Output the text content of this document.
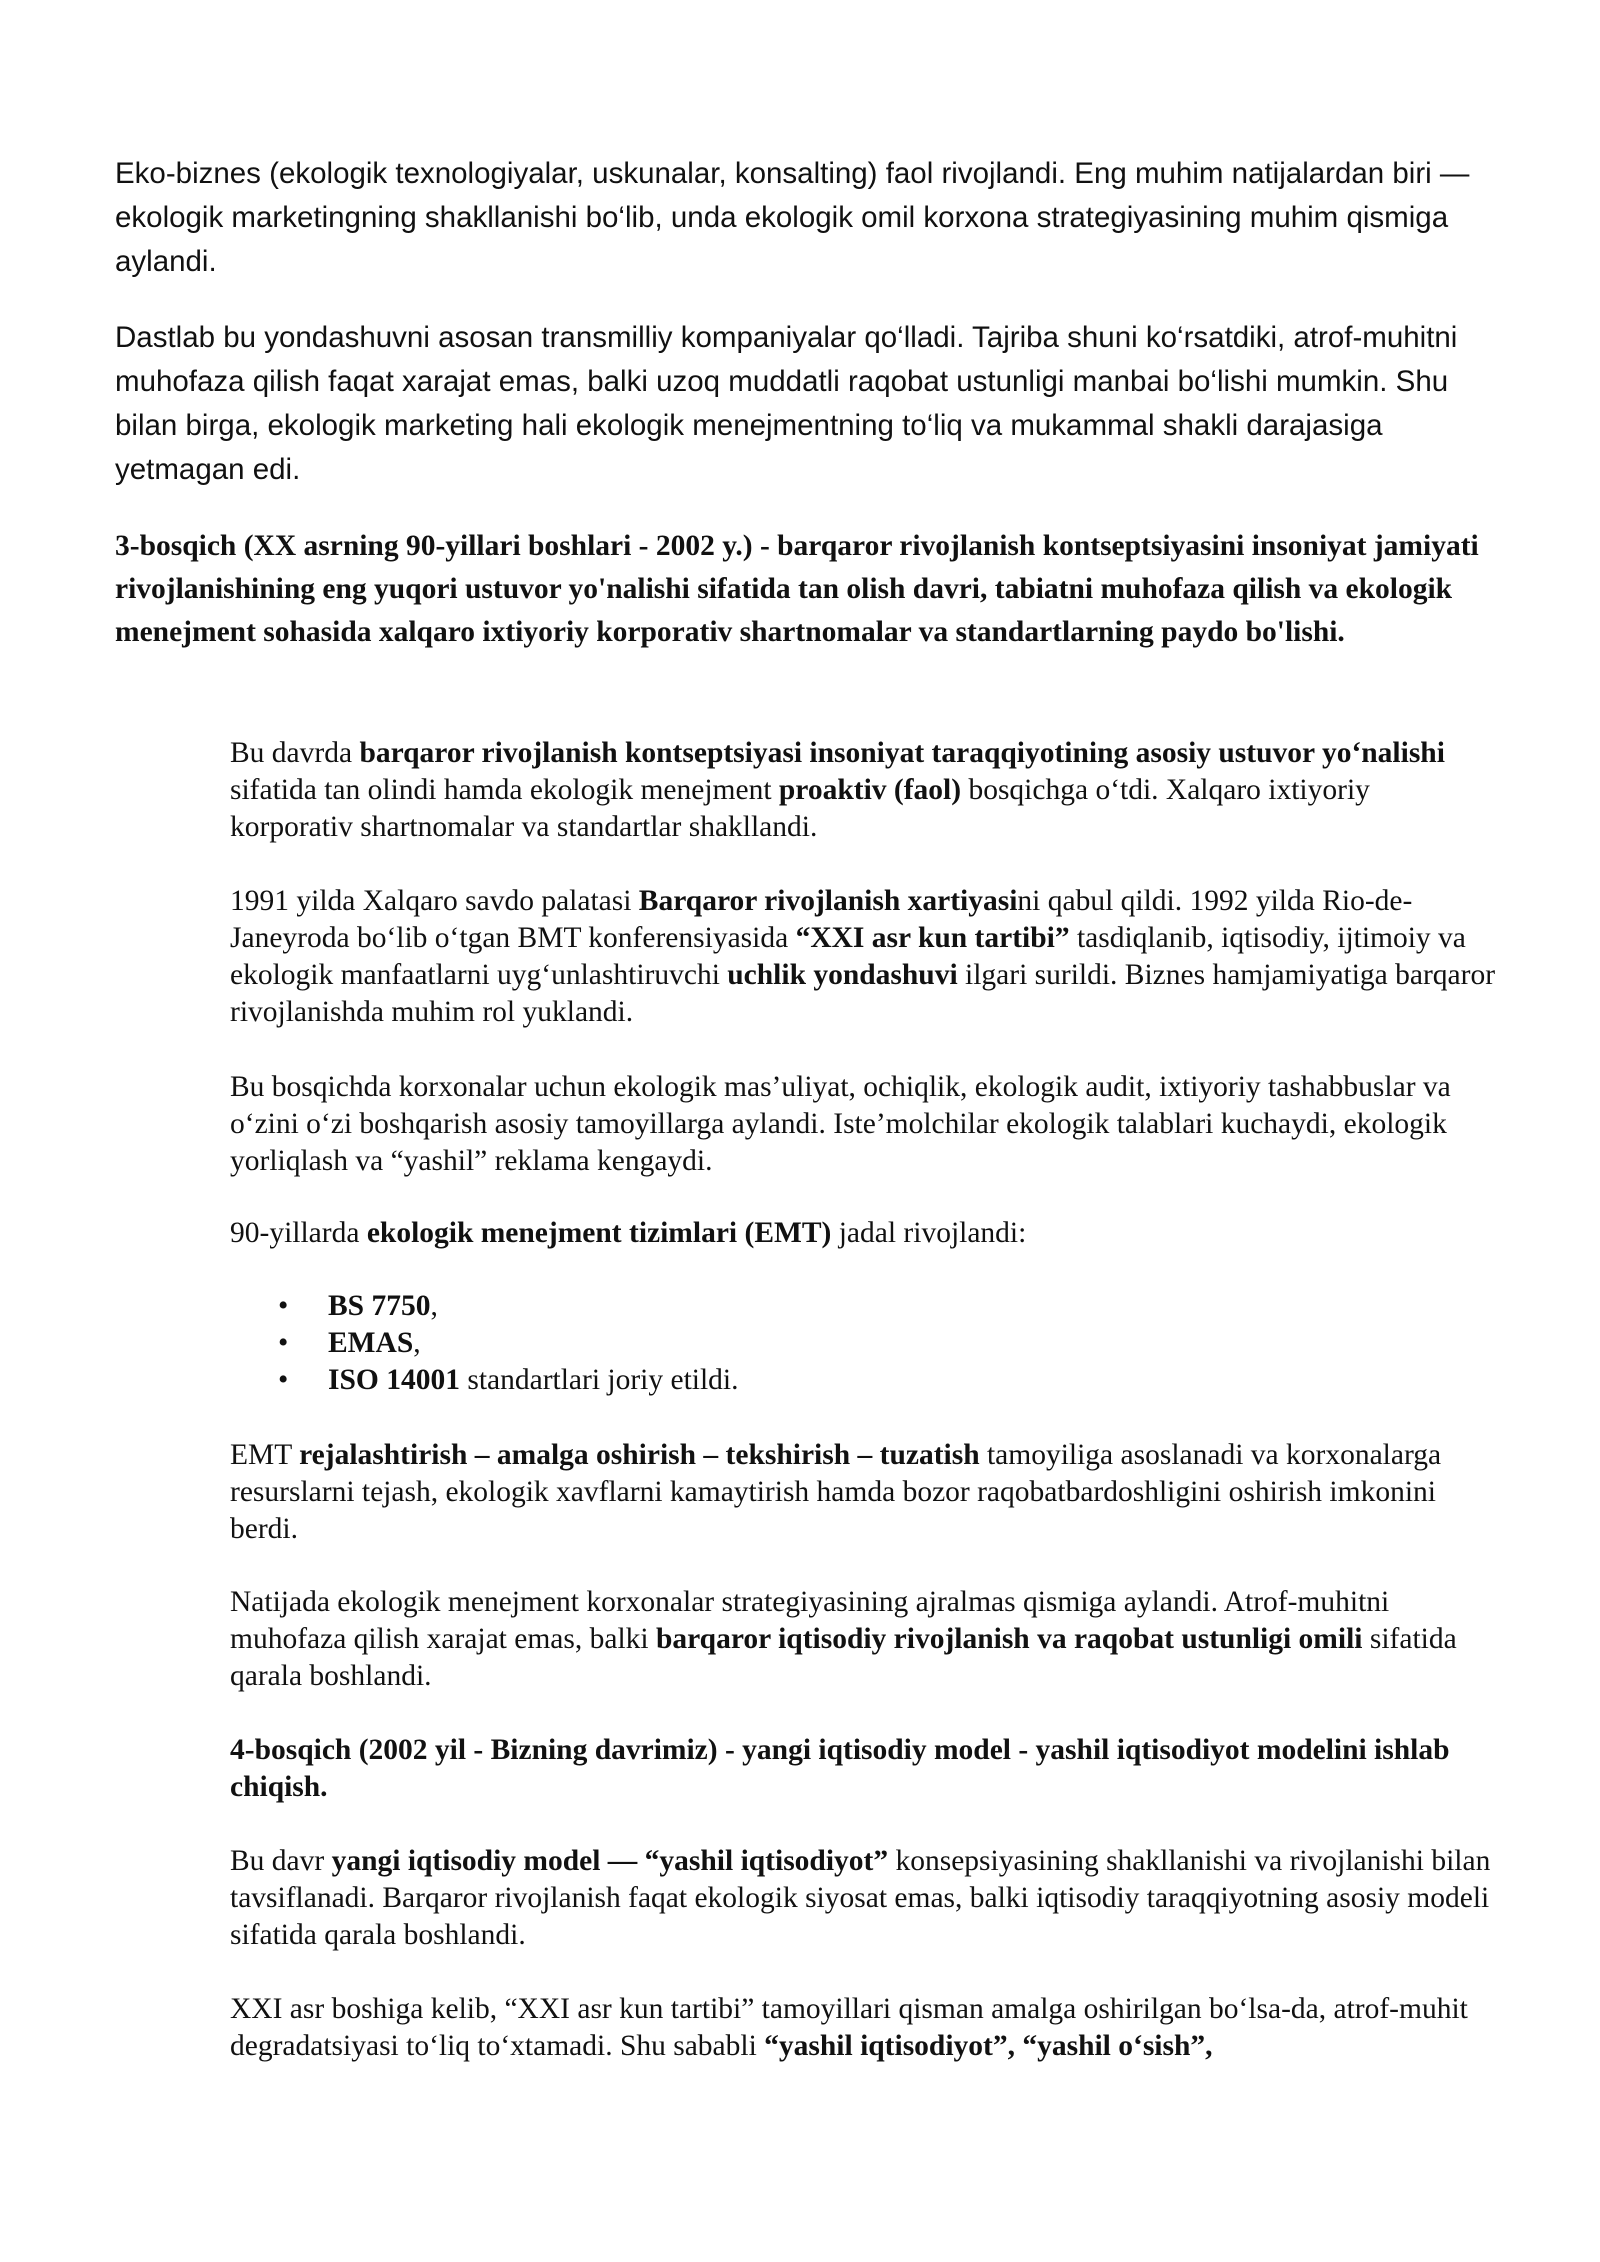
Eko-biznes (ekologik texnologiyalar, uskunalar, konsalting) faol rivojlandi. Eng muhim natijalardan biri — ekologik marketingning shakllanishi bo‘lib, unda ekologik omil korxona strategiyasining muhim qismiga aylandi.

Dastlab bu yondashuvni asosan transmilliy kompaniyalar qo‘lladi. Tajriba shuni ko‘rsatdiki, atrof-muhitni muhofaza qilish faqat xarajat emas, balki uzoq muddatli raqobat ustunligi manbai bo‘lishi mumkin. Shu bilan birga, ekologik marketing hali ekologik menejmentning to‘liq va mukammal shakli darajasiga yetmagan edi.

3-bosqich (XX asrning 90-yillari boshlari - 2002 y.) - barqaror rivojlanish kontseptsiyasini insoniyat jamiyati rivojlanishining eng yuqori ustuvor yo'nalishi sifatida tan olish davri, tabiatni muhofaza qilish va ekologik menejment sohasida xalqaro ixtiyoriy korporativ shartnomalar va standartlarning paydo bo'lishi.

Bu davrda barqaror rivojlanish kontseptsiyasi insoniyat taraqqiyotining asosiy ustuvor yo‘nalishi sifatida tan olindi hamda ekologik menejment proaktiv (faol) bosqichga o‘tdi. Xalqaro ixtiyoriy korporativ shartnomalar va standartlar shakllandi.

1991 yilda Xalqaro savdo palatasi Barqaror rivojlanish xartiyasini qabul qildi. 1992 yilda Rio-de-Janeyroda bo‘lib o‘tgan BMT konferensiyasida “XXI asr kun tartibi” tasdiqlanib, iqtisodiy, ijtimoiy va ekologik manfaatlarni uyg‘unlashtiruvchi uchlik yondashuvi ilgari surildi. Biznes hamjamiyatiga barqaror rivojlanishda muhim rol yuklandi.

Bu bosqichda korxonalar uchun ekologik mas’uliyat, ochiqlik, ekologik audit, ixtiyoriy tashabbuslar va o‘zini o‘zi boshqarish asosiy tamoyillarga aylandi. Iste’molchilar ekologik talablari kuchaydi, ekologik yorliqlash va “yashil” reklama kengaydi.

90-yillarda ekologik menejment tizimlari (EMT) jadal rivojlandi:

• BS 7750,
• EMAS,
• ISO 14001 standartlari joriy etildi.

EMT rejalashtirish – amalga oshirish – tekshirish – tuzatish tamoyiliga asoslanadi va korxonalarga resurslarni tejash, ekologik xavflarni kamaytirish hamda bozor raqobatbardoshligini oshirish imkonini berdi.

Natijada ekologik menejment korxonalar strategiyasining ajralmas qismiga aylandi. Atrof-muhitni muhofaza qilish xarajat emas, balki barqaror iqtisodiy rivojlanish va raqobat ustunligi omili sifatida qarala boshlandi.

4-bosqich (2002 yil - Bizning davrimiz) - yangi iqtisodiy model - yashil iqtisodiyot modelini ishlab chiqish.

Bu davr yangi iqtisodiy model — “yashil iqtisodiyot” konsepsiyasining shakllanishi va rivojlanishi bilan tavsiflanadi. Barqaror rivojlanish faqat ekologik siyosat emas, balki iqtisodiy taraqqiyotning asosiy modeli sifatida qarala boshlandi.

XXI asr boshiga kelib, “XXI asr kun tartibi” tamoyillari qisman amalga oshirilgan bo‘lsa-da, atrof-muhit degradatsiyasi to‘liq to‘xtamadi. Shu sababli “yashil iqtisodiyot”, “yashil o‘sish”,
